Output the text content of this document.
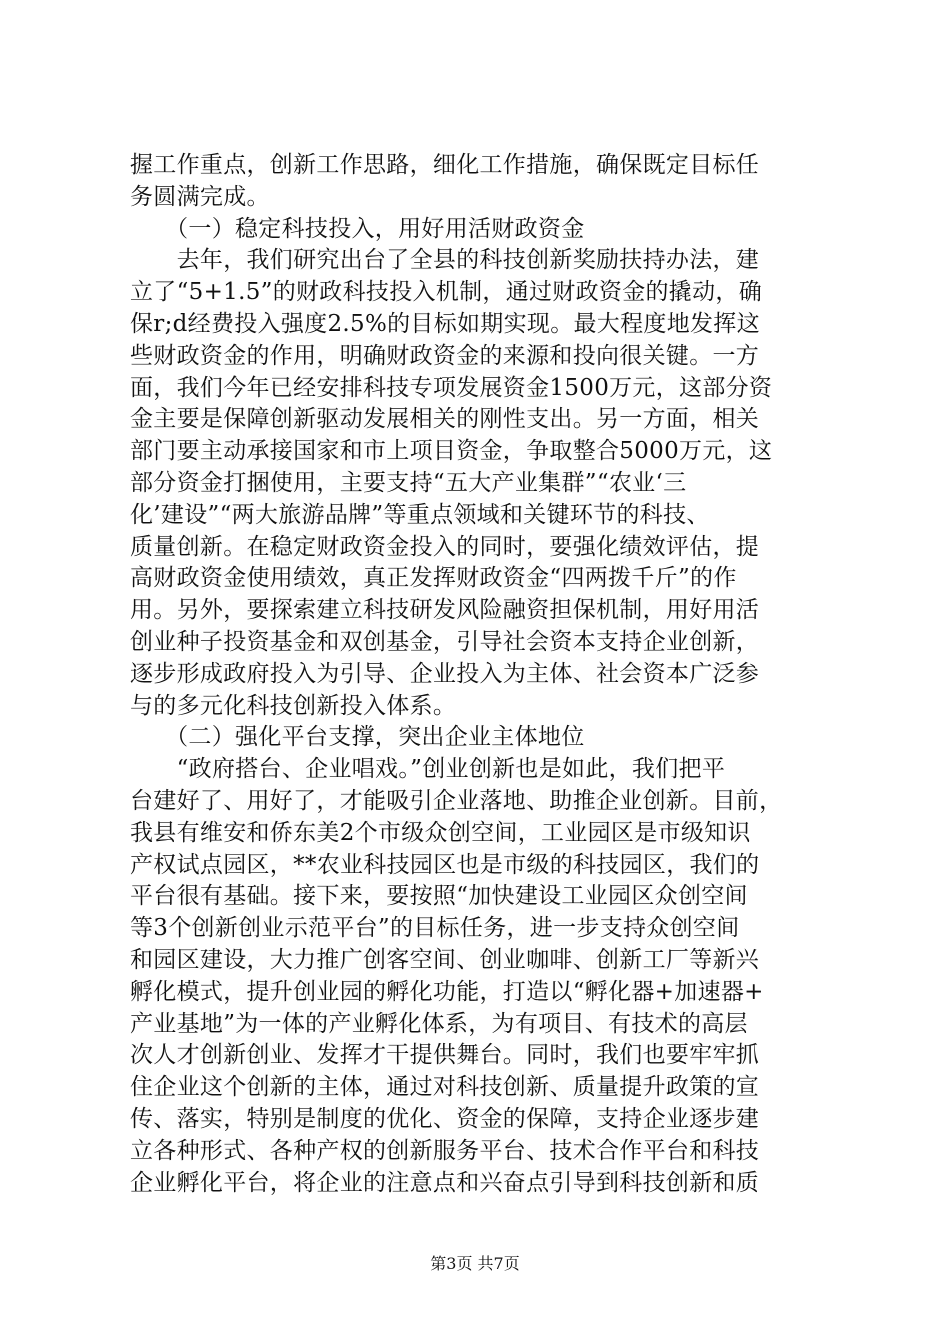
握工作重点，创新工作思路，细化工作措施，确保既定目标任
务圆满完成。
　　（一）稳定科技投入，用好用活财政资金
　　去年，我们研究出台了全县的科技创新奖励扶持办法，建
立了“5+1.5”的财政科技投入机制，通过财政资金的撬动，确
保r;d经费投入强度2.5%的目标如期实现。最大程度地发挥这
些财政资金的作用，明确财政资金的来源和投向很关键。一方
面，我们今年已经安排科技专项发展资金1500万元，这部分资
金主要是保障创新驱动发展相关的刚性支出。另一方面，相关
部门要主动承接国家和市上项目资金，争取整合5000万元，这
部分资金打捆使用，主要支持“五大产业集群”“农业‘三
化’建设”“两大旅游品牌”等重点领域和关键环节的科技、
质量创新。在稳定财政资金投入的同时，要强化绩效评估，提
高财政资金使用绩效，真正发挥财政资金“四两拨千斤”的作
用。另外，要探索建立科技研发风险融资担保机制，用好用活
创业种子投资基金和双创基金，引导社会资本支持企业创新，
逐步形成政府投入为引导、企业投入为主体、社会资本广泛参
与的多元化科技创新投入体系。
　　（二）强化平台支撑，突出企业主体地位
　　“政府搭台、企业唱戏。”创业创新也是如此，我们把平
台建好了、用好了，才能吸引企业落地、助推企业创新。目前，
我县有维安和侨东美2个市级众创空间，工业园区是市级知识
产权试点园区，**农业科技园区也是市级的科技园区，我们的
平台很有基础。接下来，要按照“加快建设工业园区众创空间
等3个创新创业示范平台”的目标任务，进一步支持众创空间
和园区建设，大力推广创客空间、创业咖啡、创新工厂等新兴
孵化模式，提升创业园的孵化功能，打造以“孵化器+加速器+
产业基地”为一体的产业孵化体系，为有项目、有技术的高层
次人才创新创业、发挥才干提供舞台。同时，我们也要牢牢抓
住企业这个创新的主体，通过对科技创新、质量提升政策的宣
传、落实，特别是制度的优化、资金的保障，支持企业逐步建
立各种形式、各种产权的创新服务平台、技术合作平台和科技
企业孵化平台，将企业的注意点和兴奋点引导到科技创新和质
第3页 共7页
